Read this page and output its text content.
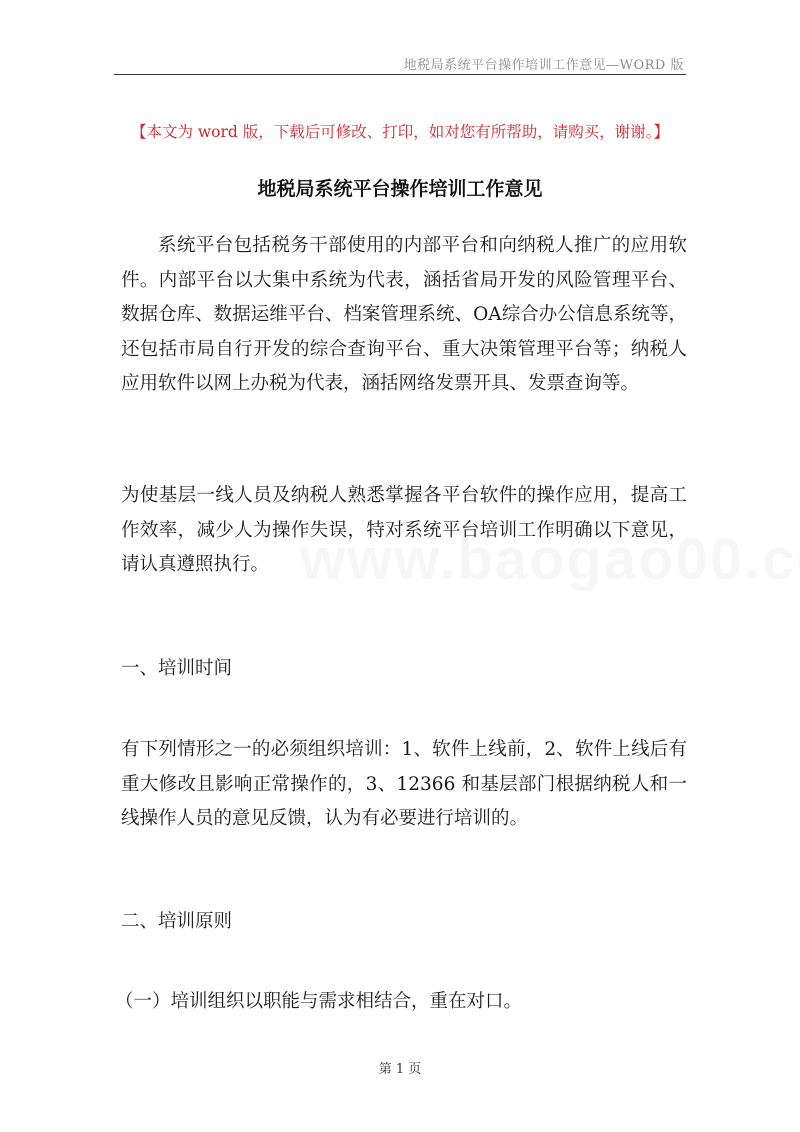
地税局系统平台操作培训工作意见—WORD 版
【本文为 word 版，下载后可修改、打印，如对您有所帮助，请购买，谢谢。】
地税局系统平台操作培训工作意见
系统平台包括税务干部使用的内部平台和向纳税人推广的应用软件。内部平台以大集中系统为代表，涵括省局开发的风险管理平台、数据仓库、数据运维平台、档案管理系统、OA综合办公信息系统等，还包括市局自行开发的综合查询平台、重大决策管理平台等；纳税人应用软件以网上办税为代表，涵括网络发票开具、发票查询等。
为使基层一线人员及纳税人熟悉掌握各平台软件的操作应用，提高工作效率，减少人为操作失误，特对系统平台培训工作明确以下意见，请认真遵照执行。
一、培训时间
有下列情形之一的必须组织培训：1、软件上线前，2、软件上线后有重大修改且影响正常操作的，3、12366 和基层部门根据纳税人和一线操作人员的意见反馈，认为有必要进行培训的。
二、培训原则
（一）培训组织以职能与需求相结合，重在对口。
第 1 页
